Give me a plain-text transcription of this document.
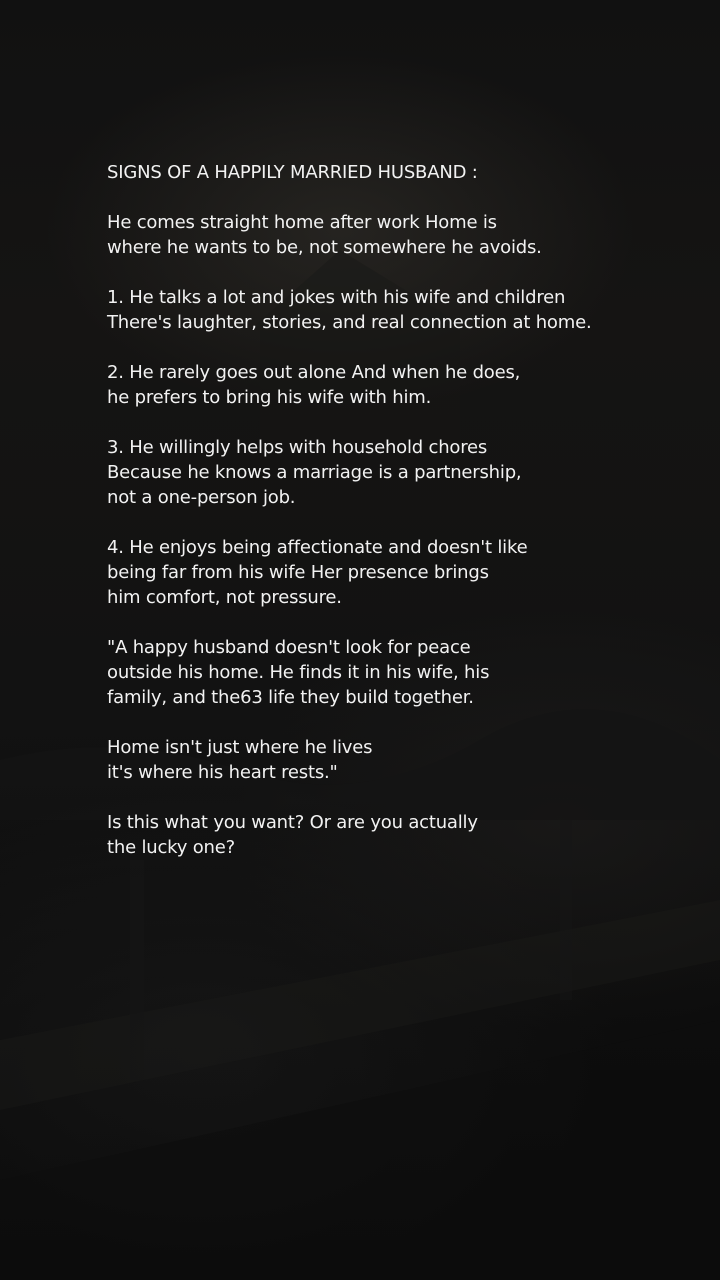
SIGNS OF A HAPPILY MARRIED HUSBAND :

He comes straight home after work Home is
where he wants to be, not somewhere he avoids.

1. He talks a lot and jokes with his wife and children
There's laughter, stories, and real connection at home.

2. He rarely goes out alone And when he does,
he prefers to bring his wife with him.

3. He willingly helps with household chores
Because he knows a marriage is a partnership,
not a one-person job.

4. He enjoys being affectionate and doesn't like
being far from his wife Her presence brings
him comfort, not pressure.

"A happy husband doesn't look for peace
outside his home. He finds it in his wife, his
family, and the63 life they build together.

Home isn't just where he lives
it's where his heart rests."

Is this what you want? Or are you actually
the lucky one?
